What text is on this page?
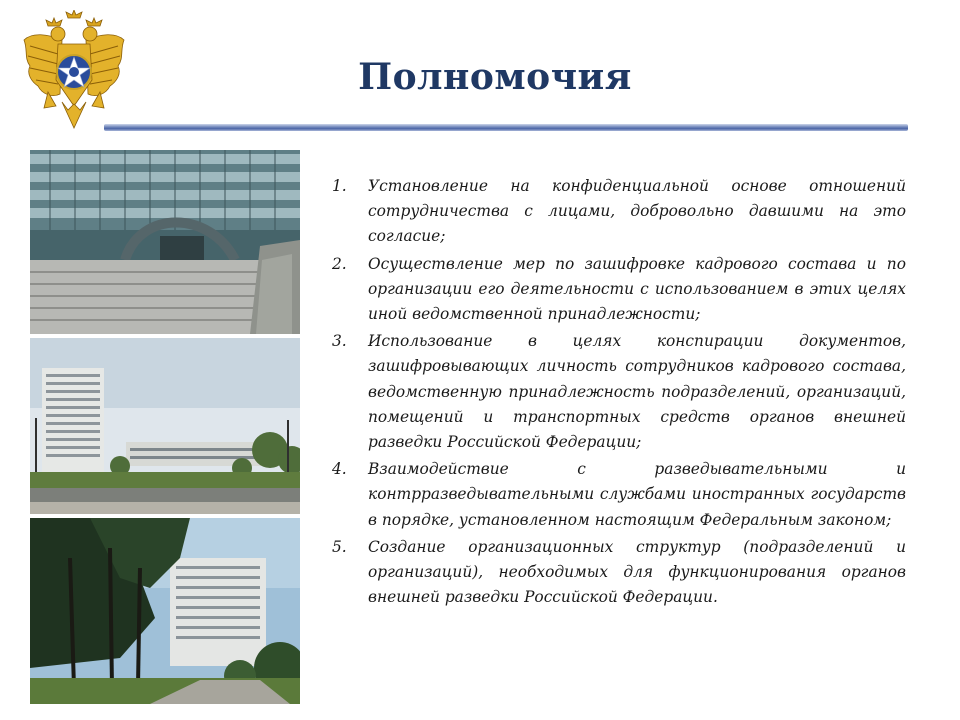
Полномочия
1.	Установление на конфиденциальной основе отношений сотрудничества с лицами, добровольно давшими на это согласие;
2.	Осуществление мер по зашифровке кадрового состава и по организации его деятельности с использованием в этих целях иной ведомственной принадлежности;
3.	Использование в целях конспирации документов, зашифровывающих личность сотрудников кадрового состава, ведомственную принадлежность подразделений, организаций, помещений и транспортных средств органов внешней разведки Российской Федерации;
4.	Взаимодействие с разведывательными и контрразведывательными службами иностранных государств в порядке, установленном настоящим Федеральным законом;
5.	Создание организационных структур (подразделений и организаций), необходимых для функционирования органов внешней разведки Российской Федерации.
